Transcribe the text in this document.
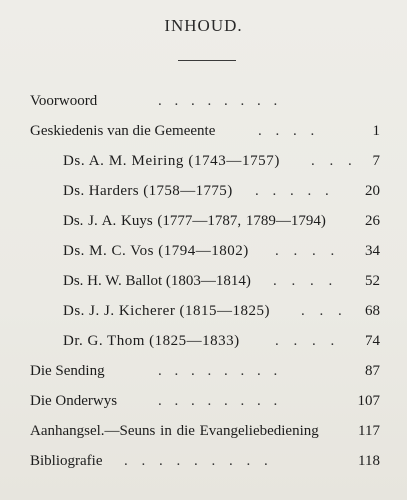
INHOUD.
Voorwoord	. . . . . . . .
Geskiedenis van die Gemeente	. . . .	1
Ds. A. M. Meiring (1743—1757) . . . 7
Ds. Harders (1758—1775) . . . . . 20
Ds. J. A. Kuys (1777—1787, 1789—1794)	26
Ds. M. C. Vos (1794—1802) . . . . 34
Ds. H. W. Ballot (1803—1814) . . . . 52
Ds. J. J. Kicherer (1815—1825) . . . 68
Dr. G. Thom (1825—1833) . . . . 74
Die Sending	. . . . . . . .	87
Die Onderwys	. . . . . . . .	107
Aanhangsel.—Seuns in die Evangeliebediening	117
Bibliografie . . . . . . . . .	118
